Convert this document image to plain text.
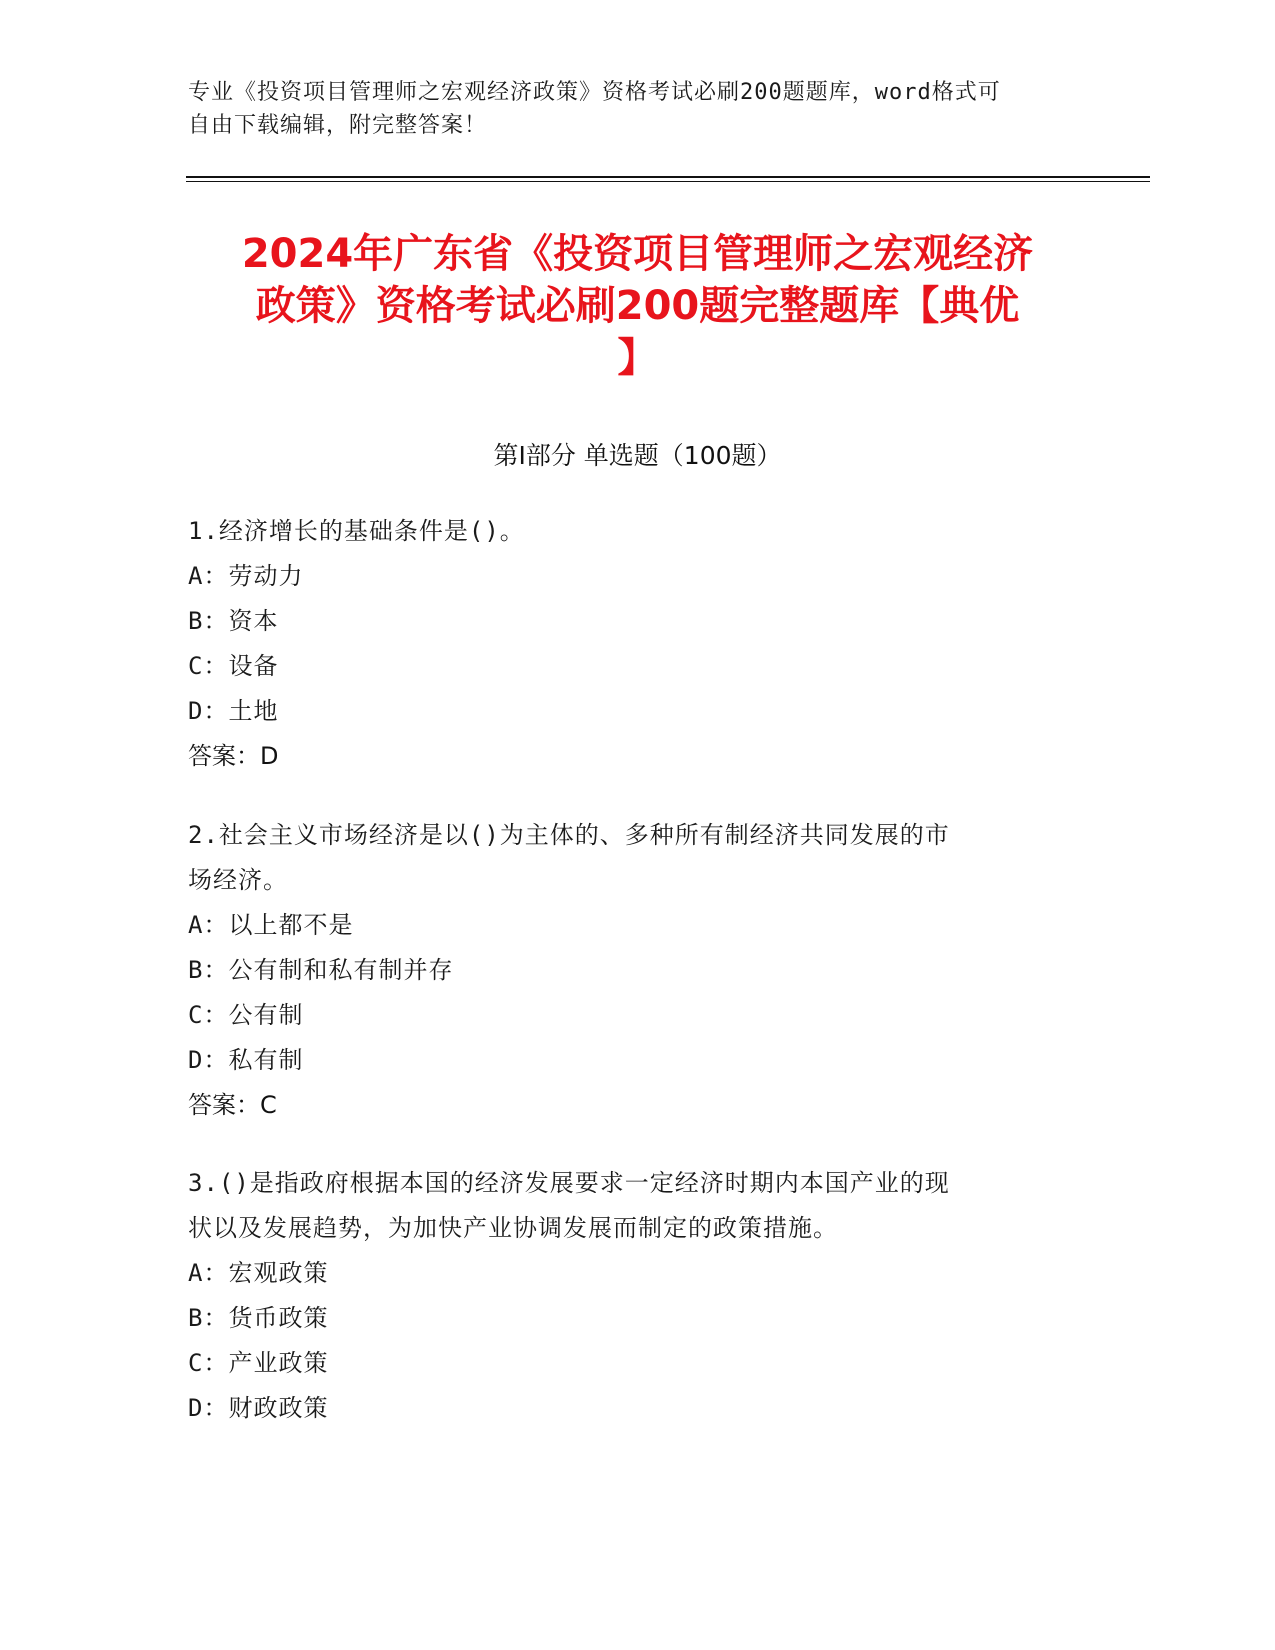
专业《投资项目管理师之宏观经济政策》资格考试必刷200题题库，word格式可
自由下载编辑，附完整答案！
2024年广东省《投资项目管理师之宏观经济
政策》资格考试必刷200题完整题库【典优
】
第I部分 单选题（100题）
1.经济增长的基础条件是()。
A：劳动力
B：资本
C：设备
D：土地
答案：D
2.社会主义市场经济是以()为主体的、多种所有制经济共同发展的市
场经济。
A：以上都不是
B：公有制和私有制并存
C：公有制
D：私有制
答案：C
3.()是指政府根据本国的经济发展要求一定经济时期内本国产业的现
状以及发展趋势，为加快产业协调发展而制定的政策措施。
A：宏观政策
B：货币政策
C：产业政策
D：财政政策
